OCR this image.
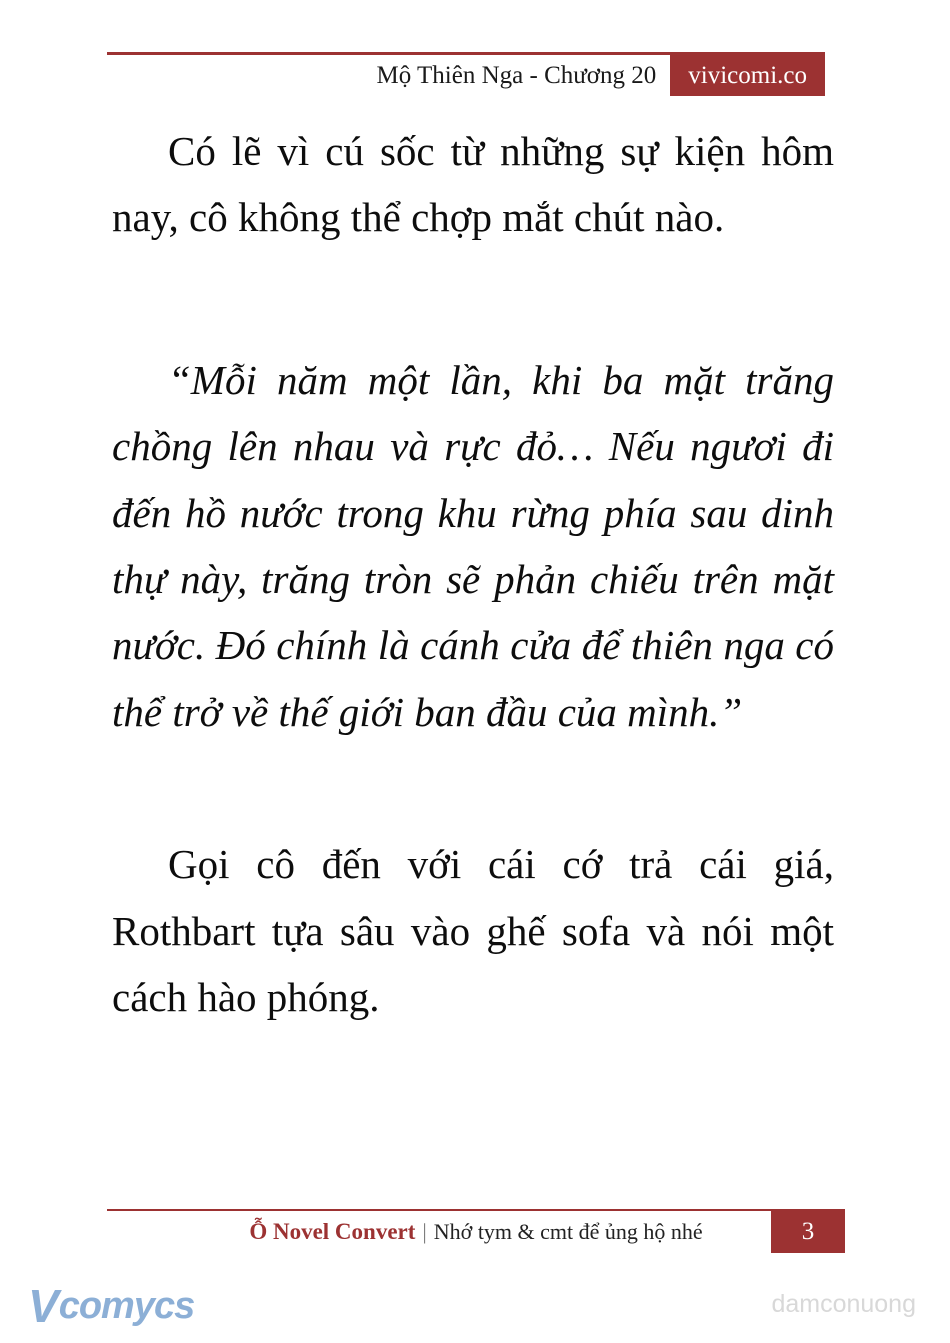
Mộ Thiên Nga - Chương 20	vivicomi.co

Có lẽ vì cú sốc từ những sự kiện hôm nay, cô không thể chợp mắt chút nào.

“Mỗi năm một lần, khi ba mặt trăng chồng lên nhau và rực đỏ… Nếu ngươi đi đến hồ nước trong khu rừng phía sau dinh thự này, trăng tròn sẽ phản chiếu trên mặt nước. Đó chính là cánh cửa để thiên nga có thể trở về thế giới ban đầu của mình.”

Gọi cô đến với cái cớ trả cái giá, Rothbart tựa sâu vào ghế sofa và nói một cách hào phóng.

Ỗ Novel Convert | Nhớ tym & cmt để ủng hộ nhé	3
V comycs	damconuong
